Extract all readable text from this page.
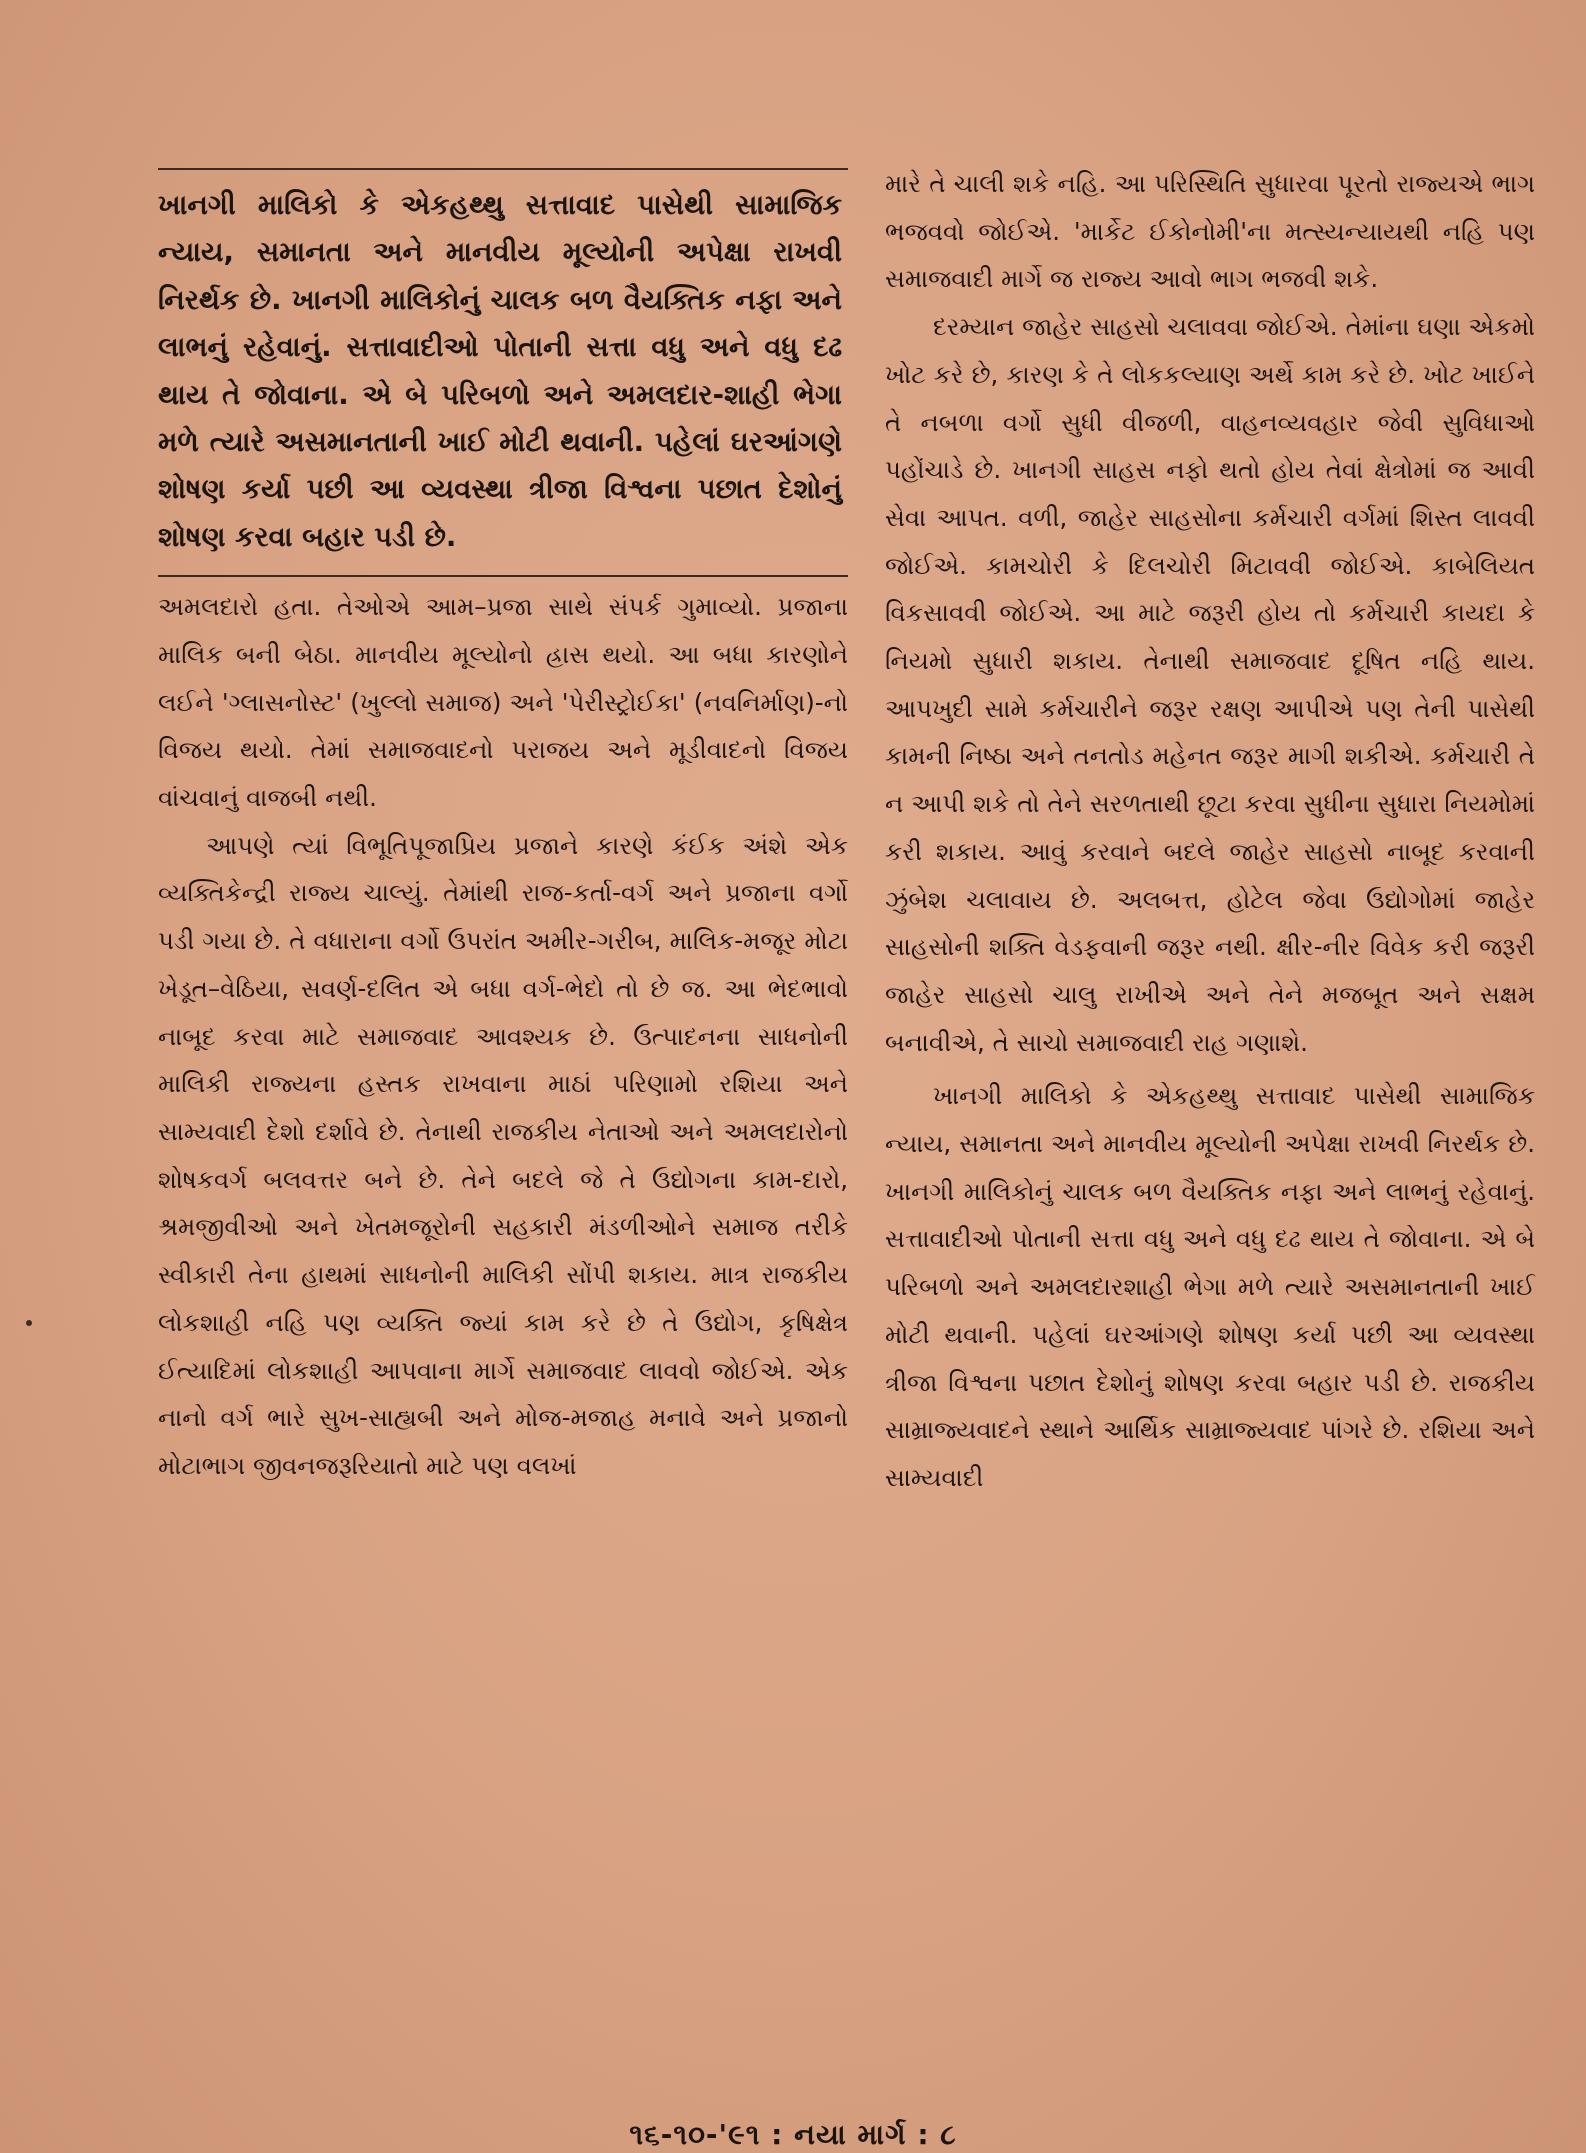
ખાનગી માલિકો કે એકહથ્થુ સત્તાવાદ પાસેથી સામાજિક ન્યાય, સમાનતા અને માનવીય મૂલ્યોની અપેક્ષા રાખવી નિરર્થક છે. ખાનગી માલિકોનું ચાલક બળ વૈયક્તિક નફા અને લાભનું રહેવાનું. સત્તાવાદીઓ પોતાની સત્તા વધુ અને વધુ દઢ થાય તે જોવાના. એ બે પરિબળો અને અમલદાર-શાહી ભેગા મળે ત્યારે અસમાનતાની ખાઈ મોટી થવાની. પહેલાં ઘરઆંગણે શોષણ કર્યા પછી આ વ્યવસ્થા ત્રીજા વિશ્વના પછાત દેશોનું શોષણ કરવા બહાર પડી છે.

અમલદારો હતા. તેઓએ આમ–પ્રજા સાથે સંપર્ક ગુમાવ્યો. પ્રજાના માલિક બની બેઠા. માનવીય મૂલ્યોનો હ્રાસ થયો. આ બધા કારણોને લઈને 'ગ્લાસનોસ્ટ' (ખુલ્લો સમાજ) અને 'પેરીસ્ટ્રોઈકા' (નવનિર્માણ)-નો વિજય થયો. તેમાં સમાજવાદનો પરાજય અને મૂડીવાદનો વિજય વાંચવાનું વાજબી નથી.

આપણે ત્યાં વિભૂતિપૂજાપ્રિય પ્રજાને કારણે કંઈક અંશે એક વ્યક્તિકેન્દ્રી રાજ્ય ચાલ્યું. તેમાંથી રાજ-કર્તા-વર્ગ અને પ્રજાના વર્ગો પડી ગયા છે. તે વધારાના વર્ગો ઉપરાંત અમીર-ગરીબ, માલિક-મજૂર મોટા ખેડૂત–વેઠિયા, સવર્ણ-દલિત એ બધા વર્ગ-ભેદો તો છે જ. આ ભેદભાવો નાબૂદ કરવા માટે સમાજવાદ આવશ્યક છે. ઉત્પાદનના સાધનોની માલિકી રાજ્યના હસ્તક રાખવાના માઠાં પરિણામો રશિયા અને સામ્યવાદી દેશો દર્શાવે છે. તેનાથી રાજકીય નેતાઓ અને અમલદારોનો શોષકવર્ગ બલવત્તર બને છે. તેને બદલે જે તે ઉદ્યોગના કામ-દારો, શ્રમજીવીઓ અને ખેતમજૂરોની સહકારી મંડળીઓને સમાજ તરીકે સ્વીકારી તેના હાથમાં સાધનોની માલિકી સોંપી શકાય. માત્ર રાજકીય લોકશાહી નહિ પણ વ્યક્તિ જ્યાં કામ કરે છે તે ઉદ્યોગ, કૃષિક્ષેત્ર ઈત્યાદિમાં લોકશાહી આપવાના માર્ગે સમાજવાદ લાવવો જોઈએ. એક નાનો વર્ગ ભારે સુખ-સાહ્યબી અને મોજ-મજાહ મનાવે અને પ્રજાનો મોટાભાગ જીવનજરૂરિયાતો માટે પણ વલખાં

મારે તે ચાલી શકે નહિ. આ પરિસ્થિતિ સુધારવા પૂરતો રાજ્યએ ભાગ ભજવવો જોઈએ. 'માર્કેટ ઈકોનોમી'ના મત્સ્યન્યાયથી નહિ પણ સમાજવાદી માર્ગે જ રાજ્ય આવો ભાગ ભજવી શકે.

દરમ્યાન જાહેર સાહસો ચલાવવા જોઈએ. તેમાંના ઘણા એકમો ખોટ કરે છે, કારણ કે તે લોકકલ્યાણ અર્થે કામ કરે છે. ખોટ ખાઈને તે નબળા વર્ગો સુધી વીજળી, વાહનવ્યવહાર જેવી સુવિધાઓ પહોંચાડે છે. ખાનગી સાહસ નફો થતો હોય તેવાં ક્ષેત્રોમાં જ આવી સેવા આપત. વળી, જાહેર સાહસોના કર્મચારી વર્ગમાં શિસ્ત લાવવી જોઈએ. કામચોરી કે દિલચોરી મિટાવવી જોઈએ. કાબેલિયત વિકસાવવી જોઈએ. આ માટે જરૂરી હોય તો કર્મચારી કાયદા કે નિયમો સુધારી શકાય. તેનાથી સમાજવાદ દૂષિત નહિ થાય. આપખુદી સામે કર્મચારીને જરૂર રક્ષણ આપીએ પણ તેની પાસેથી કામની નિષ્ઠા અને તનતોડ મહેનત જરૂર માગી શકીએ. કર્મચારી તે ન આપી શકે તો તેને સરળતાથી છૂટા કરવા સુધીના સુધારા નિયમોમાં કરી શકાય. આવું કરવાને બદલે જાહેર સાહસો નાબૂદ કરવાની ઝુંબેશ ચલાવાય છે. અલબત્ત, હોટેલ જેવા ઉદ્યોગોમાં જાહેર સાહસોની શક્તિ વેડફવાની જરૂર નથી. ક્ષીર-નીર વિવેક કરી જરૂરી જાહેર સાહસો ચાલુ રાખીએ અને તેને મજબૂત અને સક્ષમ બનાવીએ, તે સાચો સમાજવાદી રાહ ગણાશે.

ખાનગી માલિકો કે એકહથ્થુ સત્તાવાદ પાસેથી સામાજિક ન્યાય, સમાનતા અને માનવીય મૂલ્યોની અપેક્ષા રાખવી નિરર્થક છે. ખાનગી માલિકોનું ચાલક બળ વૈયક્તિક નફા અને લાભનું રહેવાનું. સત્તાવાદીઓ પોતાની સત્તા વધુ અને વધુ દઢ થાય તે જોવાના. એ બે પરિબળો અને અમલદારશાહી ભેગા મળે ત્યારે અસમાનતાની ખાઈ મોટી થવાની. પહેલાં ઘરઆંગણે શોષણ કર્યા પછી આ વ્યવસ્થા ત્રીજા વિશ્વના પછાત દેશોનું શોષણ કરવા બહાર પડી છે. રાજકીય સામ્રાજ્યવાદને સ્થાને આર્થિક સામ્રાજ્યવાદ પાંગરે છે. રશિયા અને સામ્યવાદી

૧૬-૧૦-'૯૧ : નયા માર્ગ : ૮
